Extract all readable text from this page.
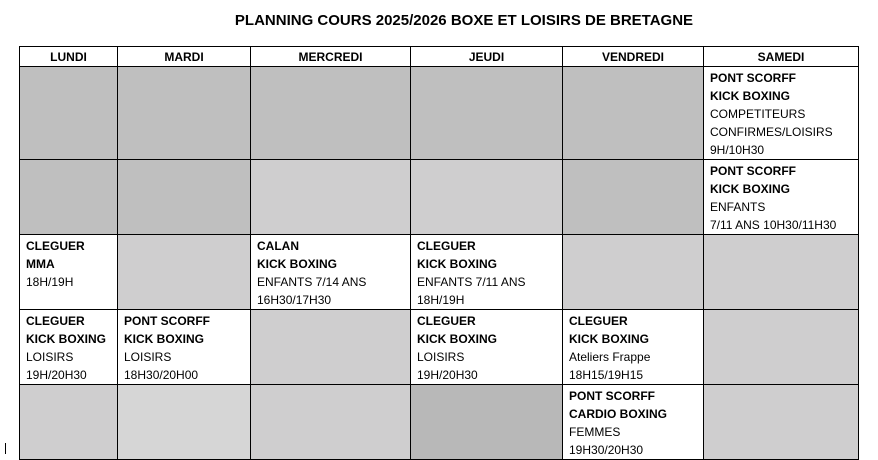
PLANNING COURS 2025/2026 BOXE ET LOISIRS DE BRETAGNE
LUNDI	MARDI	MERCREDI	JEUDI	VENDREDI	SAMEDI

					PONT SCORFF
KICK BOXING
COMPETITEURS
CONFIRMES/LOISIRS
9H/10H30

					PONT SCORFF
KICK BOXING
ENFANTS
7/11 ANS 10H30/11H30

CLEGUER
MMA
18H/19H		CALAN
KICK BOXING
ENFANTS 7/14 ANS
16H30/17H30	CLEGUER
KICK BOXING
ENFANTS 7/11 ANS
18H/19H		

CLEGUER
KICK BOXING
LOISIRS
19H/20H30	PONT SCORFF
KICK BOXING
LOISIRS
18H30/20H00		CLEGUER
KICK BOXING
LOISIRS
19H/20H30	CLEGUER
KICK BOXING
Ateliers Frappe
18H15/19H15	

				PONT SCORFF
CARDIO BOXING
FEMMES
19H30/20H30	
